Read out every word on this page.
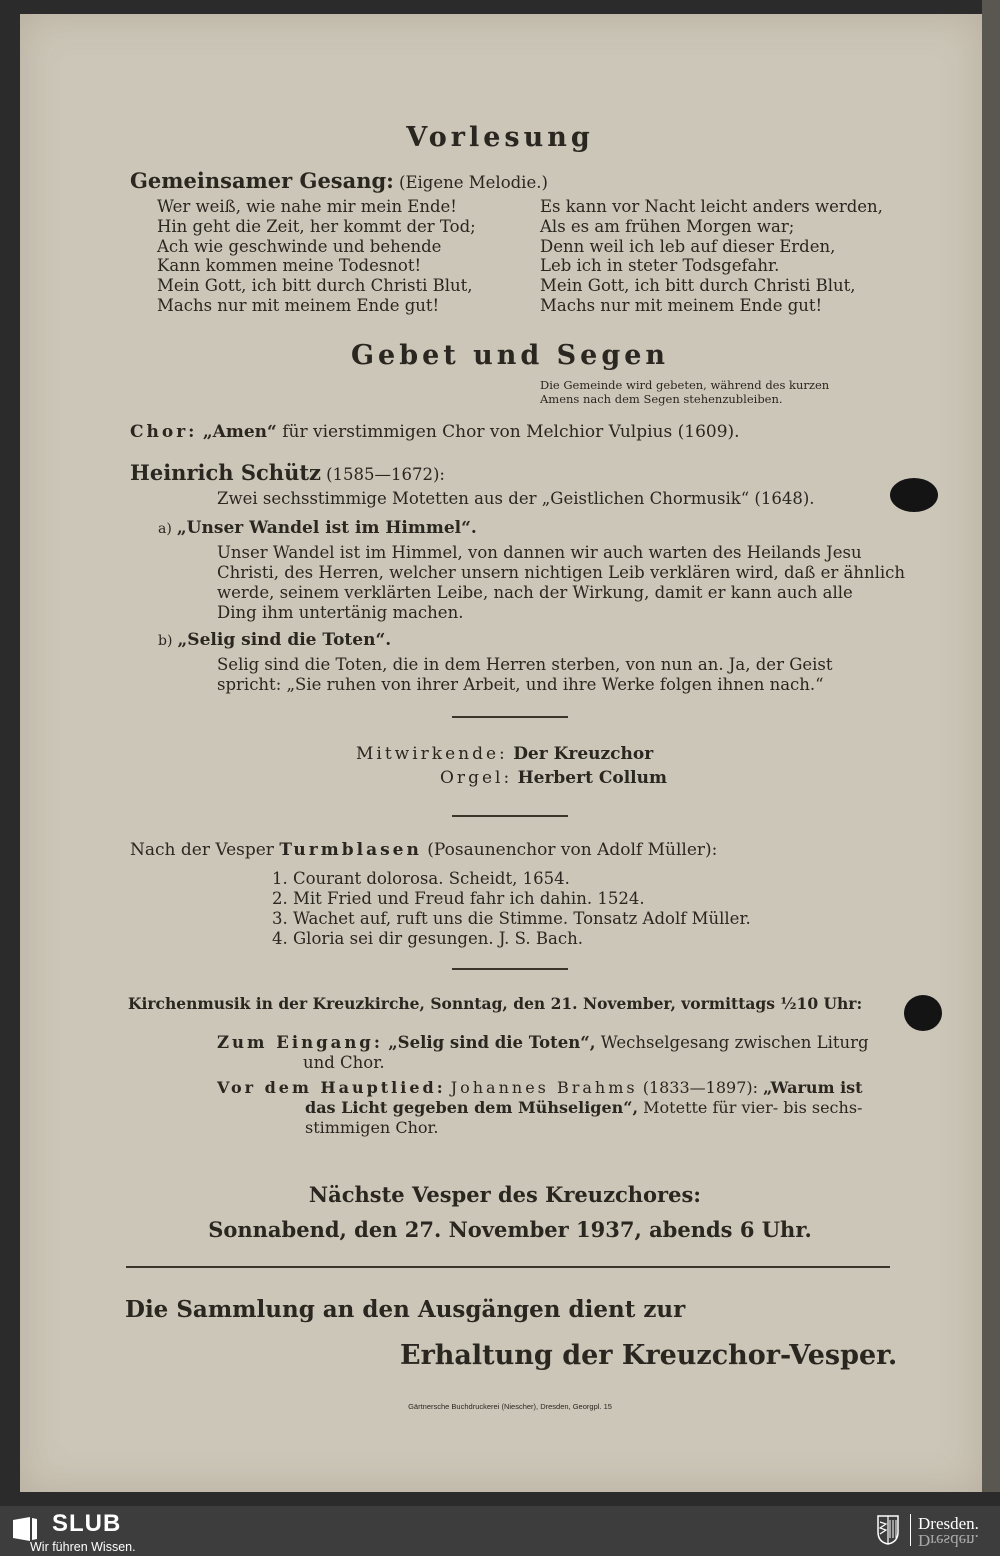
Vorlesung
Gemeinsamer Gesang: (Eigene Melodie.)
Wer weiß, wie nahe mir mein Ende!
Hin geht die Zeit, her kommt der Tod;
Ach wie geschwinde und behende
Kann kommen meine Todesnot!
Mein Gott, ich bitt durch Christi Blut,
Machs nur mit meinem Ende gut!
Es kann vor Nacht leicht anders werden,
Als es am frühen Morgen war;
Denn weil ich leb auf dieser Erden,
Leb ich in steter Todsgefahr.
Mein Gott, ich bitt durch Christi Blut,
Machs nur mit meinem Ende gut!
Gebet und Segen
Die Gemeinde wird gebeten, während des kurzen
Amens nach dem Segen stehenzubleiben.
Chor: „Amen“ für vierstimmigen Chor von Melchior Vulpius (1609).
Heinrich Schütz (1585—1672):
Zwei sechsstimmige Motetten aus der „Geistlichen Chormusik“ (1648).
a) „Unser Wandel ist im Himmel“.
Unser Wandel ist im Himmel, von dannen wir auch warten des Heilands Jesu
Christi, des Herren, welcher unsern nichtigen Leib verklären wird, daß er ähnlich
werde, seinem verklärten Leibe, nach der Wirkung, damit er kann auch alle
Ding ihm untertänig machen.
b) „Selig sind die Toten“.
Selig sind die Toten, die in dem Herren sterben, von nun an. Ja, der Geist
spricht: „Sie ruhen von ihrer Arbeit, und ihre Werke folgen ihnen nach.“
Mitwirkende: Der Kreuzchor
Orgel: Herbert Collum
Nach der Vesper Turmblasen (Posaunenchor von Adolf Müller):
1. Courant dolorosa. Scheidt, 1654.
2. Mit Fried und Freud fahr ich dahin. 1524.
3. Wachet auf, ruft uns die Stimme. Tonsatz Adolf Müller.
4. Gloria sei dir gesungen. J. S. Bach.
Kirchenmusik in der Kreuzkirche, Sonntag, den 21. November, vormittags ½10 Uhr:
Zum Eingang: „Selig sind die Toten“, Wechselgesang zwischen Liturg
und Chor.
Vor dem Hauptlied: Johannes Brahms (1833—1897): „Warum ist
das Licht gegeben dem Mühseligen“, Motette für vier- bis sechs-
stimmigen Chor.
Nächste Vesper des Kreuzchores:
Sonnabend, den 27. November 1937, abends 6 Uhr.
Die Sammlung an den Ausgängen dient zur
Erhaltung der Kreuzchor-Vesper.
Gärtnersche Buchdruckerei (Niescher), Dresden, Georgpl. 15
SLUB
Wir führen Wissen.
Dresden.
Dresden.
